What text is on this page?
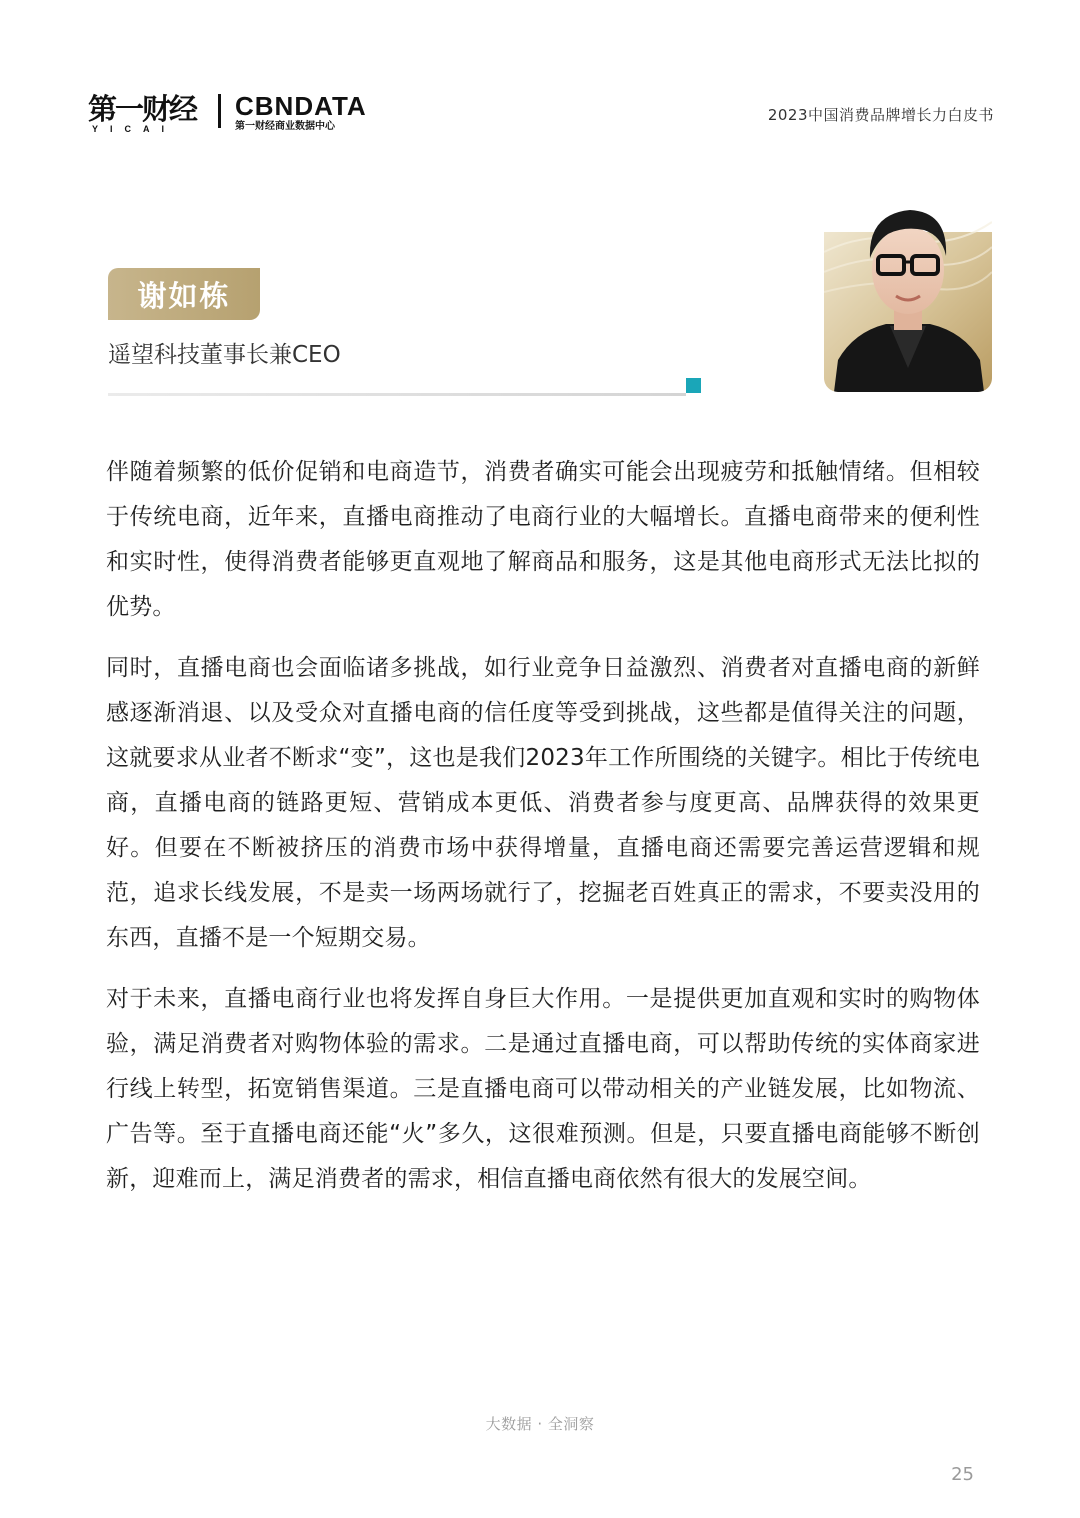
第一财经
YICAI
CBNDATA
第一财经商业数据中心
2023中国消费品牌增长力白皮书
谢如栋
遥望科技董事长兼CEO

伴随着频繁的低价促销和电商造节，消费者确实可能会出现疲劳和抵触情绪。但相较于传统电商，近年来，直播电商推动了电商行业的大幅增长。直播电商带来的便利性和实时性，使得消费者能够更直观地了解商品和服务，这是其他电商形式无法比拟的优势。

同时，直播电商也会面临诸多挑战，如行业竞争日益激烈、消费者对直播电商的新鲜感逐渐消退、以及受众对直播电商的信任度等受到挑战，这些都是值得关注的问题，这就要求从业者不断求“变”，这也是我们2023年工作所围绕的关键字。相比于传统电商，直播电商的链路更短、营销成本更低、消费者参与度更高、品牌获得的效果更好。但要在不断被挤压的消费市场中获得增量，直播电商还需要完善运营逻辑和规范，追求长线发展，不是卖一场两场就行了，挖掘老百姓真正的需求，不要卖没用的东西，直播不是一个短期交易。

对于未来，直播电商行业也将发挥自身巨大作用。一是提供更加直观和实时的购物体验，满足消费者对购物体验的需求。二是通过直播电商，可以帮助传统的实体商家进行线上转型，拓宽销售渠道。三是直播电商可以带动相关的产业链发展，比如物流、广告等。至于直播电商还能“火”多久，这很难预测。但是，只要直播电商能够不断创新，迎难而上，满足消费者的需求，相信直播电商依然有很大的发展空间。

大数据 · 全洞察
25
